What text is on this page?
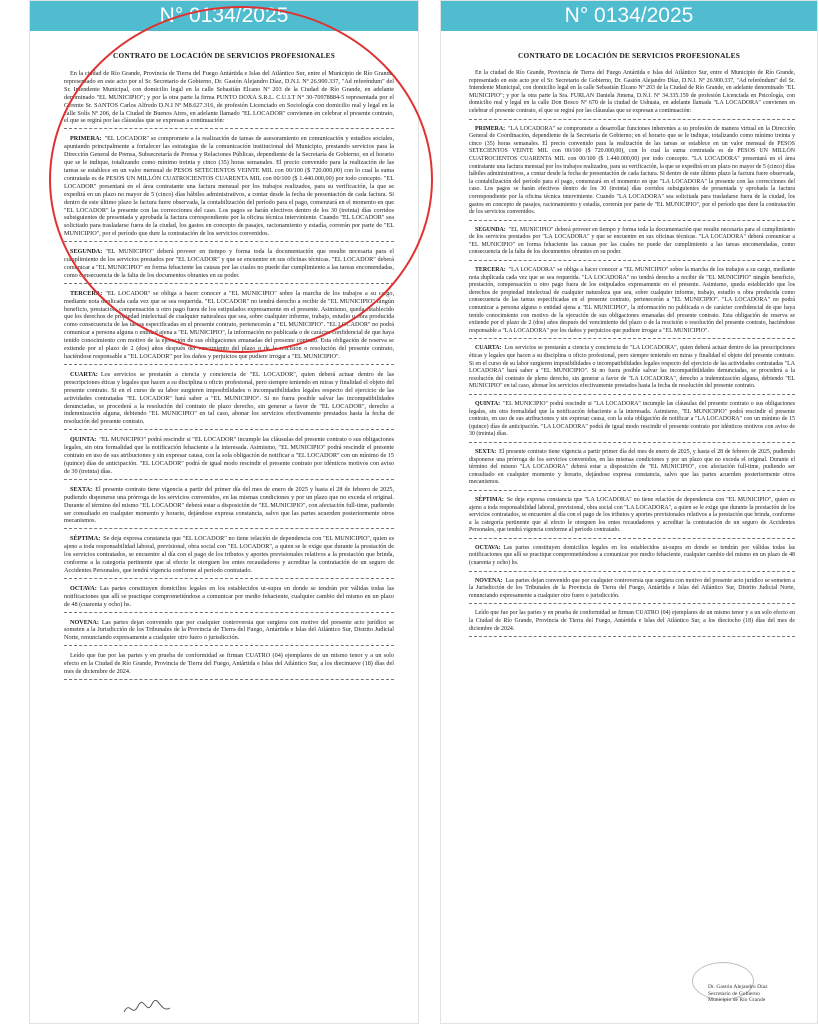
N° 0134/2025
CONTRATO DE LOCACIÓN DE SERVICIOS PROFESIONALES

En la ciudad de Río Grande, Provincia de Tierra del Fuego Antártida e Islas del Atlántico Sur, entre el Municipio de Río Grande, representado en este acto por el Sr. Secretario de Gobierno, Dr. Gastón Alejandro Díaz, D.N.I. Nº 26.900.337, "Ad referéndum" del Sr. Intendente Municipal, con domicilio legal en la calle Sebastián Elcano Nº 203 de la Ciudad de Río Grande, en adelante denominado "EL MUNICIPIO"; y por la otra parte la firma PUNTO DOXA S.R.L. C.U.I.T N° 30-70978884-5 representada por el Gerente Sr. SANTOS Carlos Alfredo D.N.I Nº M8.627.316, de profesión Licenciado en Sociología con domicilio real y legal en la calle Solís Nº 206, de la Ciudad de Buenos Aires, en adelante llamado "EL LOCADOR" convienen en celebrar el presente contrato, el que se regirá por las cláusulas que se expresan a continuación:

PRIMERA: "EL LOCADOR" se compromete a la realización de tareas de asesoramiento en comunicación y estudios sociales, apuntando principalmente a fortalecer las estrategias de la comunicación institucional del Municipio, prestando servicios para la Dirección General de Prensa, Subsecretaría de Prensa y Relaciones Públicas, dependiente de la Secretaría de Gobierno, en el horario que se le indique, totalizando como mínimo treinta y cinco (35) horas semanales. El precio convenido para la realización de las tareas se establece en un valor mensual de PESOS SETECIENTOS VEINTE MIL con 00/100 ($ 720.000,00) con lo cual la suma contratada es de PESOS UN MILLÓN CUATROCIENTOS CUARENTA MIL con 00/100 ($ 1.440.000,00) por todo concepto. "EL LOCADOR" presentará en el área contratante una factura mensual por los trabajos realizados, para su verificación, la que se expedirá en un plazo no mayor de 5 (cinco) días hábiles administrativos, a contar desde la fecha de presentación de cada factura. Si dentro de este último plazo la factura fuere observada, la contabilización del período para el pago, comenzará en el momento en que "EL LOCADOR" la presente con las correcciones del caso. Los pagos se harán efectivos dentro de los 30 (treinta) días corridos subsiguientes de presentada y aprobada la factura correspondiente por la oficina técnica interviniente. Cuando "EL LOCADOR" sea solicitado para trasladarse fuera de la ciudad, los gastos en concepto de pasajes, racionamiento y estadía, correrán por parte de "EL MUNICIPIO", por el período que dure la contratación de los servicios convenidos.

SEGUNDA: "EL MUNICIPIO" deberá proveer en tiempo y forma toda la documentación que resulte necesaria para el cumplimiento de los servicios prestados por "EL LOCADOR" y que se encuentre en sus oficinas técnicas. "EL LOCADOR" deberá comunicar a "EL MUNICIPIO" en forma fehaciente las causas por las cuales no puede dar cumplimiento a las tareas encomendadas, como consecuencia de la falta de los documentos obrantes en su poder.

TERCERA: "EL LOCADOR" se obliga a hacer conocer a "EL MUNICIPIO" sobre la marcha de los trabajos a su cargo, mediante nota duplicada cada vez que se sea requerida. "EL LOCADOR" no tendrá derecho a recibir de "EL MUNICIPIO" ningún beneficio, prestación, compensación u otro pago fuera de los estipulados expresamente en el presente. Asimismo, queda establecido que los derechos de propiedad intelectual de cualquier naturaleza que sea, sobre cualquier informe, trabajo, estudio u obra producida como consecuencia de las tareas especificadas en el presente contrato, pertenecerán a "EL MUNICIPIO". "EL LOCADOR" no podrá comunicar a persona alguna o entidad ajena a "EL MUNICIPIO", la información no publicada o de carácter confidencial de que haya tenido conocimiento con motivo de la ejecución de sus obligaciones emanadas del presente contrato. Esta obligación de reserva se extiende por el plazo de 2 (dos) años después del vencimiento del plazo o de la rescisión o resolución del presente contrato, haciéndose responsable a "EL LOCADOR" por los daños y perjuicios que pudiere irrogar a "EL MUNICIPIO".

CUARTA: Los servicios se prestarán a ciencia y conciencia de "EL LOCADOR", quien deberá actuar dentro de las prescripciones éticas y legales que hacen a su disciplina u oficio profesional, pero siempre teniendo en miras y finalidad el objeto del presente contrato. Si en el curso de su labor surgieren imposibilidades o incompatibilidades legales respecto del ejercicio de las actividades contratadas "EL LOCADOR" hará saber a "EL MUNICIPIO". Si no fuera posible salvar las incompatibilidades denunciadas, se procederá a la resolución del contrato de plazo derecho, sin generar a favor de "EL LOCADOR", derecho a indemnización alguna, debiendo "EL MUNICIPIO" en tal caso, abonar los servicios efectivamente prestados hasta la fecha de resolución del presente contrato.

QUINTA: "EL MUNICIPIO" podrá rescindir si "EL LOCADOR" incumple las cláusulas del presente contrato o sus obligaciones legales, sin otra formalidad que la notificación fehaciente a la interesada. Asimismo, "EL MUNICIPIO" podrá rescindir el presente contrato en uso de sus atribuciones y sin expresar causa, con la sola obligación de notificar a "EL LOCADOR" con un mínimo de 15 (quince) días de anticipación. "EL LOCADOR" podrá de igual modo rescindir el presente contrato por idénticos motivos con aviso de 30 (treinta) días.

SEXTA: El presente contrato tiene vigencia a partir del primer día del mes de enero de 2025 y hasta el 28 de febrero de 2025, pudiendo disponerse una prórroga de los servicios convenidos, en las mismas condiciones y por un plazo que no exceda el original. Durante el término del mismo "EL LOCADOR" deberá estar a disposición de "EL MUNICIPIO", con afectación full-time, pudiendo ser consultado en cualquier momento y horario, dejándose expresa constancia, salvo que las partes acuerden posteriormente otros mecanismos.

SÉPTIMA: Se deja expresa constancia que "EL LOCADOR" no tiene relación de dependencia con "EL MUNICIPIO", quien es ajeno a toda responsabilidad laboral, previsional, obra social con "EL LOCADOR", a quien se le exige que durante la prestación de los servicios contratados, se encuentre al día con el pago de los tributos y aportes previsionales relativos a la prestación que brinda, conforme a la categoría pertinente que al efecto le otorguen los entes recaudadores y acreditar la contratación de un seguro de Accidentes Personales, que tendrá vigencia conforme al período contratado.

OCTAVA: Las partes constituyen domicilios legales en los establecidos ut-supra en donde se tendrán por válidas todas las notificaciones que allí se practique comprometiéndose a comunicar por medio fehaciente, cualquier cambio del mismo en un plazo de 48 (cuarenta y ocho) hs.

NOVENA: Las partes dejan convenido que por cualquier controversia que surgiera con motivo del presente acto jurídico se someten a la Jurisdicción de los Tribunales de la Provincia de Tierra del Fuego, Antártida e Islas del Atlántico Sur, Distrito Judicial Norte, renunciando expresamente a cualquier otro fuero o jurisdicción.

Leído que fue por las partes y en prueba de conformidad se firman CUATRO (04) ejemplares de un mismo tenor y a un solo efecto en la Ciudad de Río Grande, Provincia de Tierra del Fuego, Antártida e Islas del Atlántico Sur, a los diecinueve (18) días del mes de diciembre de 2024.

N° 0134/2025
CONTRATO DE LOCACIÓN DE SERVICIOS PROFESIONALES

En la ciudad de Río Grande, Provincia de Tierra del Fuego Antártida e Islas del Atlántico Sur, entre el Municipio de Río Grande, representado en este acto por el Sr. Secretario de Gobierno, Dr. Gastón Alejandro Díaz, D.N.I. Nº 26.900.337, "Ad referéndum" del Sr. Intendente Municipal, con domicilio legal en la calle Sebastián Elcano Nº 203 de la Ciudad de Río Grande, en adelante denominado "EL MUNICIPIO"; y por la otra parte la Sra. FURLAN Daniela Jimena, D.N.I. Nº 34.335.159 de profesión Licenciada en Psicología, con domicilio real y legal en la calle Don Bosco Nº 670 de la ciudad de Ushuaia, en adelante llamada "LA LOCADORA" convienen en celebrar el presente contrato, el que se regirá por las cláusulas que se expresan a continuación:

PRIMERA: "LA LOCADORA" se compromete a desarrollar funciones inherentes a su profesión de manera virtual en la Dirección General de Coordinación, dependiente de la Secretaría de Gobierno; en el horario que se le indique, totalizando como mínimo treinta y cinco (35) horas semanales. El precio convenido para la realización de las tareas se establece en un valor mensual de PESOS SETECIENTOS VEINTE MIL con 00/100 ($ 720.000,00), con lo cual la suma contratada es de PESOS UN MILLÓN CUATROCIENTOS CUARENTA MIL con 00/100 ($ 1.440.000,00) por todo concepto. "LA LOCADORA" presentará en el área contratante una factura mensual por los trabajos realizados, para su verificación, la que se expedirá en un plazo no mayor de 5 (cinco) días hábiles administrativos, a contar desde la fecha de presentación de cada factura. Si dentro de este último plazo la factura fuere observada, la contabilización del período para el pago, comenzará en el momento en que "LA LOCADORA" la presente con las correcciones del caso. Los pagos se harán efectivos dentro de los 30 (treinta) días corridos subsiguientes de presentada y aprobada la factura correspondiente por la oficina técnica interviniente. Cuando "LA LOCADORA" sea solicitada para trasladarse fuera de la ciudad, los gastos en concepto de pasajes, racionamiento y estadía, correrán por parte de "EL MUNICIPIO", por el período que dure la contratación de los servicios convenidos.

SEGUNDA: "EL MUNICIPIO" deberá proveer en tiempo y forma toda la documentación que resulte necesaria para el cumplimiento de los servicios prestados por "LA LOCADORA" y que se encuentre en sus oficinas técnicas. "LA LOCADORA" deberá comunicar a "EL MUNICIPIO" en forma fehaciente las causas por las cuales no puede dar cumplimiento a las tareas encomendadas, como consecuencia de la falta de los documentos obrantes en su poder.

TERCERA: "LA LOCADORA" se obliga a hacer conocer a "EL MUNICIPIO" sobre la marcha de los trabajos a su cargo, mediante nota duplicada cada vez que se sea requerida. "LA LOCADORA" no tendrá derecho a recibir de "EL MUNICIPIO" ningún beneficio, prestación, compensación u otro pago fuera de los estipulados expresamente en el presente. Asimismo, queda establecido que los derechos de propiedad intelectual de cualquier naturaleza que sea, sobre cualquier informe, trabajo, estudio u obra producida como consecuencia de las tareas especificadas en el presente contrato, pertenecerán a "EL MUNICIPIO". "LA LOCADORA" no podrá comunicar a persona alguna o entidad ajena a "EL MUNICIPIO", la información no publicada o de carácter confidencial de que haya tenido conocimiento con motivo de la ejecución de sus obligaciones emanadas del presente contrato. Esta obligación de reserva se extiende por el plazo de 2 (dos) años después del vencimiento del plazo o de la rescisión o resolución del presente contrato, haciéndose responsable a "LA LOCADORA" por los daños y perjuicios que pudiere irrogar a "EL MUNICIPIO".

CUARTA: Los servicios se prestarán a ciencia y conciencia de "LA LOCADORA", quien deberá actuar dentro de las prescripciones éticas y legales que hacen a su disciplina u oficio profesional, pero siempre teniendo en miras y finalidad el objeto del presente contrato. Si en el curso de su labor surgieren imposibilidades o incompatibilidades legales respecto del ejercicio de las actividades contratadas "LA LOCADORA" hará saber a "EL MUNICIPIO". Si no fuera posible salvar las incompatibilidades denunciadas, se procederá a la resolución del contrato de pleno derecho, sin generar a favor de "LA LOCADORA", derecho a indemnización alguna, debiendo "EL MUNICIPIO" en tal caso, abonar los servicios efectivamente prestados hasta la fecha de resolución del presente contrato.

QUINTA: "EL MUNICIPIO" podrá rescindir si "LA LOCADORA" incumple las cláusulas del presente contrato o sus obligaciones legales, sin otra formalidad que la notificación fehaciente a la interesada. Asimismo, "EL MUNICIPIO" podrá rescindir el presente contrato, en uso de sus atribuciones y sin expresar causa, con la sola obligación de notificar a "LA LOCADORA" con un mínimo de 15 (quince) días de anticipación. "LA LOCADORA" podrá de igual modo rescindir el presente contrato por idénticos motivos con aviso de 30 (treinta) días.

SEXTA: El presente contrato tiene vigencia a partir primer día del mes de enero de 2025, y hasta el 28 de febrero de 2025, pudiendo disponerse una prórroga de los servicios convenidos, en las mismas condiciones y por un plazo que no exceda el original. Durante el término del mismo "LA LOCADORA" deberá estar a disposición de "EL MUNICIPIO", con afectación full-time, pudiendo ser consultado en cualquier momento y horario, dejándose expresa constancia, salvo que las partes acuerden posteriormente otros mecanismos.

SÉPTIMA: Se deja expresa constancia que "LA LOCADORA" no tiene relación de dependencia con "EL MUNICIPIO", quien es ajeno a toda responsabilidad laboral, previsional, obra social con "LA LOCADORA", a quien se le exige que durante la prestación de los servicios contratados, se encuentre al día con el pago de los tributos y aportes previsionales relativos a la prestación que brinda, conforme a la categoría pertinente que al efecto le otorguen los entes recaudadores y acreditar la contratación de un seguro de Accidentes Personales, que tendrá vigencia conforme al período contratado.

OCTAVA: Las partes constituyen domicilios legales en los establecidos ut-supra en donde se tendrán por válidas todas las notificaciones que allí se practique comprometiéndose a comunicar por medio fehaciente, cualquier cambio del mismo en un plazo de 48 (cuarenta y ocho) hs.

NOVENA: Las partes dejan convenido que por cualquier controversia que surgiera con motivo del presente acto jurídico se someten a la Jurisdicción de los Tribunales de la Provincia de Tierra del Fuego, Antártida e Islas del Atlántico Sur, Distrito Judicial Norte, renunciando expresamente a cualquier otro fuero o jurisdicción.

Leído que fue por las partes y en prueba de conformidad se firman CUATRO (04) ejemplares de un mismo tenor y a un solo efecto en la Ciudad de Río Grande, Provincia de Tierra del Fuego, Antártida e Islas del Atlántico Sur, a los dieciocho (18) días del mes de diciembre de 2024.

Dr. Gastón Alejandro Díaz
Secretario de Gobierno
Municipio de Río Grande
